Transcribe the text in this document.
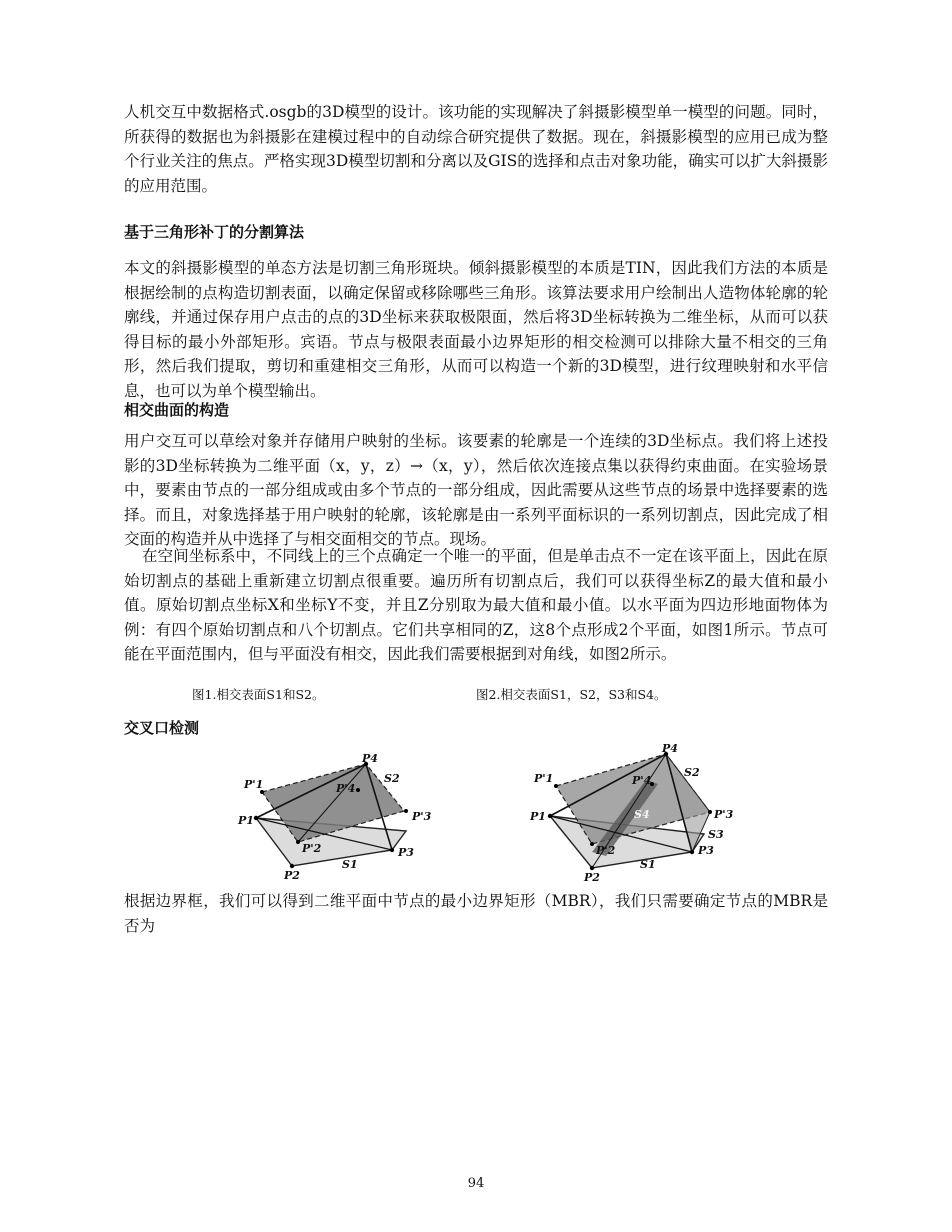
人机交互中数据格式.osgb的3D模型的设计。该功能的实现解决了斜摄影模型单一模型的问题。同时，所获得的数据也为斜摄影在建模过程中的自动综合研究提供了数据。现在，斜摄影模型的应用已成为整个行业关注的焦点。严格实现3D模型切割和分离以及GIS的选择和点击对象功能，确实可以扩大斜摄影的应用范围。

基于三角形补丁的分割算法

本文的斜摄影模型的单态方法是切割三角形斑块。倾斜摄影模型的本质是TIN，因此我们方法的本质是根据绘制的点构造切割表面，以确定保留或移除哪些三角形。该算法要求用户绘制出人造物体轮廓的轮廓线，并通过保存用户点击的点的3D坐标来获取极限面，然后将3D坐标转换为二维坐标，从而可以获得目标的最小外部矩形。宾语。节点与极限表面最小边界矩形的相交检测可以排除大量不相交的三角形，然后我们提取，剪切和重建相交三角形，从而可以构造一个新的3D模型，进行纹理映射和水平信息，也可以为单个模型输出。

相交曲面的构造

用户交互可以草绘对象并存储用户映射的坐标。该要素的轮廓是一个连续的3D坐标点。我们将上述投影的3D坐标转换为二维平面（x，y，z）→（x，y），然后依次连接点集以获得约束曲面。在实验场景中，要素由节点的一部分组成或由多个节点的一部分组成，因此需要从这些节点的场景中选择要素的选择。而且，对象选择基于用户映射的轮廓，该轮廓是由一系列平面标识的一系列切割点，因此完成了相交面的构造并从中选择了与相交面相交的节点。现场。

在空间坐标系中，不同线上的三个点确定一个唯一的平面，但是单击点不一定在该平面上，因此在原始切割点的基础上重新建立切割点很重要。遍历所有切割点后，我们可以获得坐标Z的最大值和最小值。原始切割点坐标X和坐标Y不变，并且Z分别取为最大值和最小值。以水平面为四边形地面物体为例：有四个原始切割点和八个切割点。它们共享相同的Z，这8个点形成2个平面，如图1所示。节点可能在平面范围内，但与平面没有相交，因此我们需要根据到对角线，如图2所示。

图1.相交表面S1和S2。	图2.相交表面S1，S2，S3和S4。

交叉口检测
P4
S2
P'1	P'4
P1	P'3
P'2	P3
S1
P2
P4
S2
P'1	P'4
P1	S4	P'3
S3
P'2	P3
S1
P2

根据边界框，我们可以得到二维平面中节点的最小边界矩形（MBR），我们只需要确定节点的MBR是否为

94
